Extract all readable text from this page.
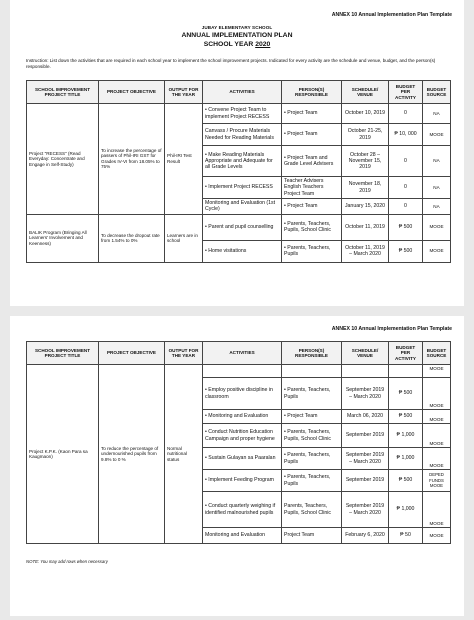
ANNEX 10 Annual Implementation Plan Template
JUBAY ELEMENTARY SCHOOL
ANNUAL IMPLEMENTATION PLAN
SCHOOL YEAR 2020
Instruction: List down the activities that are required in each school year to implement the school improvement projects. Indicated for every activity are the schedule and venue, budget, and the person(s) responsible.
SCHOOL IMPROVEMENT PROJECT TITLE	PROJECT OBJECTIVE	OUTPUT FOR THE YEAR	ACTIVITIES	PERSON(S) RESPONSIBLE	SCHEDULE/ VENUE	BUDGET PER ACTIVITY	BUDGET SOURCE
Project "RECESS" (Read Everyday: Concentrate and Engage in Self-Study)	To increase the percentage of passers of Phil-IRI GST for Grades IV-VI from 18.05% to 75%	Phil-IRI Test Result	• Convene Project Team to implement Project RECESS	• Project Team	October 10, 2019	0	NA
			Canvass / Procure Materials Needed for Reading Materials	• Project Team	October 21-25, 2019	₱ 10, 000	MOOE
			• Make Reading Materials Appropriate and Adequate for all Grade Levels	• Project Team and Grade Level Advisers	October 28 – November 15, 2019	0	NA
			• Implement Project RECESS	Teacher Advisers English Teachers Project Team	November 18, 2019	0	NA
			Monitoring and Evaluation (1st Cycle)	• Project Team	January 15, 2020	0	NA
BALIK Program (Bringing All Learners' Involvement and Keenness)	To decrease the dropout rate from 1.54% to 0%	Learners are in school	• Parent and pupil counselling	• Parents, Teachers, Pupils, School Clinic	October 11, 2019	₱ 500	MOOE
			• Home visitations	• Parents, Teachers, Pupils	October 11, 2019 – March 2020	₱ 500	MOOE
ANNEX 10 Annual Implementation Plan Template
SCHOOL IMPROVEMENT PROJECT TITLE	PROJECT OBJECTIVE	OUTPUT FOR THE YEAR	ACTIVITIES	PERSON(S) RESPONSIBLE	SCHEDULE/ VENUE	BUDGET PER ACTIVITY	BUDGET SOURCE
Project K.P.K. (Kaon Para sa Kaugmaon)	To reduce the percentage of undernourished pupils from 9.8% to 0 %	Normal nutritional status					MOOE
			• Employ positive discipline in classroom	• Parents, Teachers, Pupils	September 2019 – March 2020	₱ 500	MOOE
			• Monitoring and Evaluation	• Project Team	March 06, 2020	₱ 500	MOOE
			• Conduct Nutrition Education Campaign and proper hygiene	• Parents, Teachers, Pupils, School Clinic	September 2019	₱ 1,000	MOOE
			• Sustain Gulayan sa Paaralan	• Parents, Teachers, Pupils	September 2019 – March 2020	₱ 1,000	MOOE
			• Implement Feeding Program	• Parents, Teachers, Pupils	September 2019	₱ 500	DEPED FUNDS MOOE
			• Conduct quarterly weighing if identified malnourished pupils	Parents, Teachers, Pupils, School Clinic	September 2019 – March 2020	₱ 1,000	MOOE
			Monitoring and Evaluation	Project Team	February 6, 2020	₱ 50	MOOE
NOTE: You may add rows when necessary
